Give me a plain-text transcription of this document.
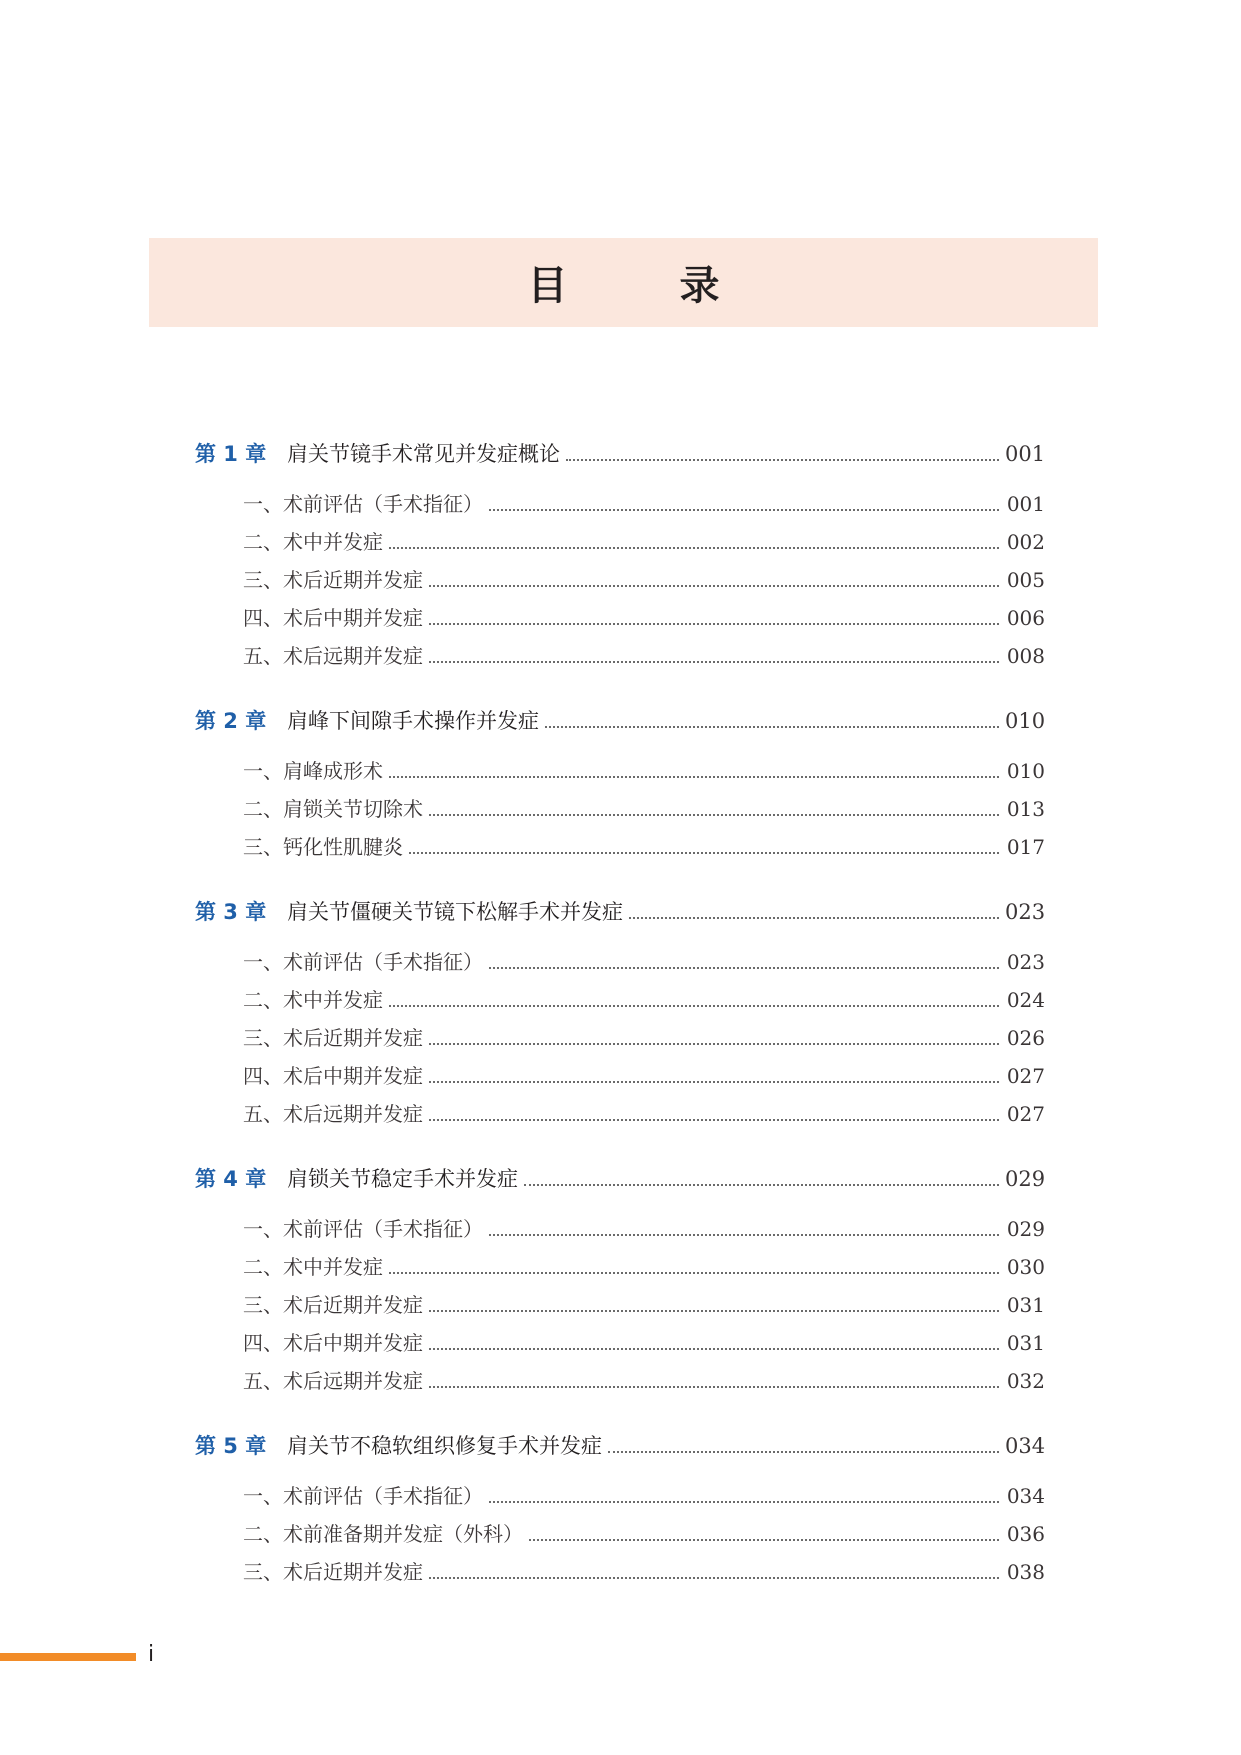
目　录
第 1 章 肩关节镜手术常见并发症概论	001
一、术前评估（手术指征）	001
二、术中并发症	002
三、术后近期并发症	005
四、术后中期并发症	006
五、术后远期并发症	008
第 2 章 肩峰下间隙手术操作并发症	010
一、肩峰成形术	010
二、肩锁关节切除术	013
三、钙化性肌腱炎	017
第 3 章 肩关节僵硬关节镜下松解手术并发症	023
一、术前评估（手术指征）	023
二、术中并发症	024
三、术后近期并发症	026
四、术后中期并发症	027
五、术后远期并发症	027
第 4 章 肩锁关节稳定手术并发症	029
一、术前评估（手术指征）	029
二、术中并发症	030
三、术后近期并发症	031
四、术后中期并发症	031
五、术后远期并发症	032
第 5 章 肩关节不稳软组织修复手术并发症	034
一、术前评估（手术指征）	034
二、术前准备期并发症（外科）	036
三、术后近期并发症	038
i
